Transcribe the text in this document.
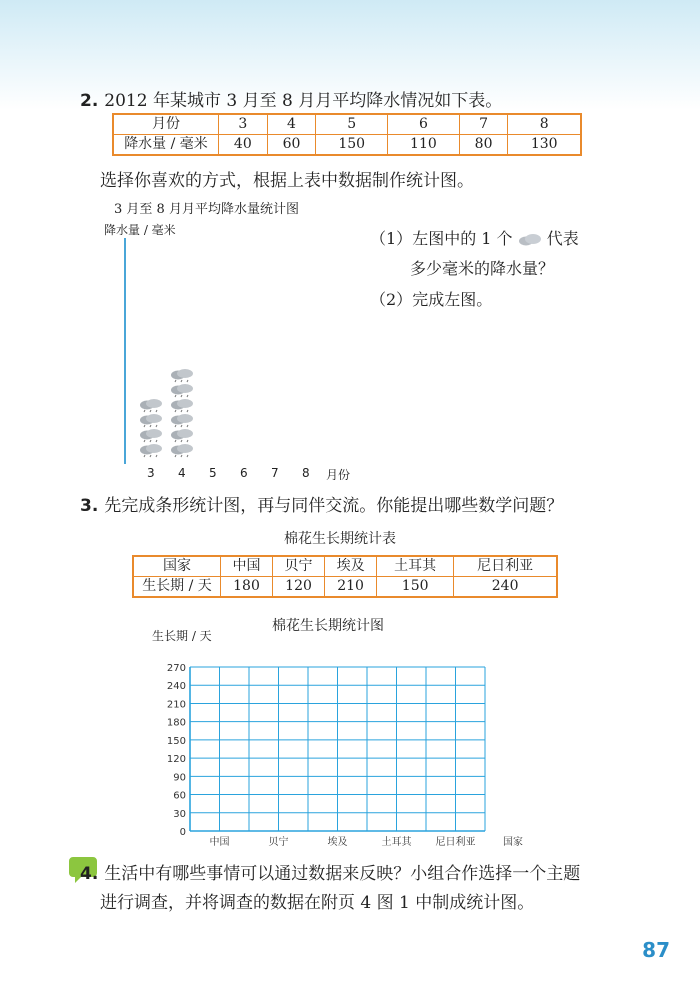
2. 2012 年某城市 3 月至 8 月月平均降水情况如下表。
月份	3	4	5	6	7	8
降水量 / 毫米	40	60	150	110	80	130
选择你喜欢的方式，根据上表中数据制作统计图。
3 月至 8 月月平均降水量统计图
降水量 / 毫米
3 4 5 6 7 8 月份
（1）左图中的 1 个 代表
多少毫米的降水量？
（2）完成左图。
3. 先完成条形统计图，再与同伴交流。你能提出哪些数学问题？
棉花生长期统计表
国家	中国	贝宁	埃及	土耳其	尼日利亚
生长期 / 天	180	120	210	150	240
棉花生长期统计图
生长期 / 天
0
30
60
90
120
150
180
210
240
270
中国	贝宁	埃及	土耳其 尼日利亚	国家
4. 生活中有哪些事情可以通过数据来反映？小组合作选择一个主题
进行调查，并将调查的数据在附页 4 图 1 中制成统计图。
87
